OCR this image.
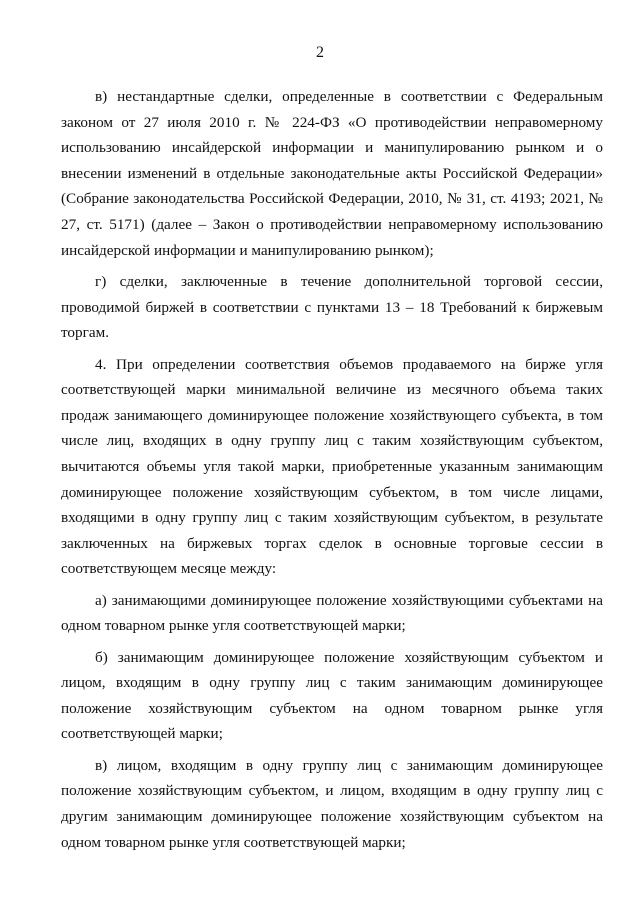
2

в) нестандартные сделки, определенные в соответствии с Федеральным законом от 27 июля 2010 г. № 224-ФЗ «О противодействии неправомерному использованию инсайдерской информации и манипулированию рынком и о внесении изменений в отдельные законодательные акты Российской Федерации» (Собрание законодательства Российской Федерации, 2010, № 31, ст. 4193; 2021, № 27, ст. 5171) (далее – Закон о противодействии неправомерному использованию инсайдерской информации и манипулированию рынком);

г) сделки, заключенные в течение дополнительной торговой сессии, проводимой биржей в соответствии с пунктами 13 – 18 Требований к биржевым торгам.

4. При определении соответствия объемов продаваемого на бирже угля соответствующей марки минимальной величине из месячного объема таких продаж занимающего доминирующее положение хозяйствующего субъекта, в том числе лиц, входящих в одну группу лиц с таким хозяйствующим субъектом, вычитаются объемы угля такой марки, приобретенные указанным занимающим доминирующее положение хозяйствующим субъектом, в том числе лицами, входящими в одну группу лиц с таким хозяйствующим субъектом, в результате заключенных на биржевых торгах сделок в основные торговые сессии в соответствующем месяце между:

а) занимающими доминирующее положение хозяйствующими субъектами на одном товарном рынке угля соответствующей марки;

б) занимающим доминирующее положение хозяйствующим субъектом и лицом, входящим в одну группу лиц с таким занимающим доминирующее положение хозяйствующим субъектом на одном товарном рынке угля соответствующей марки;

в) лицом, входящим в одну группу лиц с занимающим доминирующее положение хозяйствующим субъектом, и лицом, входящим в одну группу лиц с другим занимающим доминирующее положение хозяйствующим субъектом на одном товарном рынке угля соответствующей марки;
